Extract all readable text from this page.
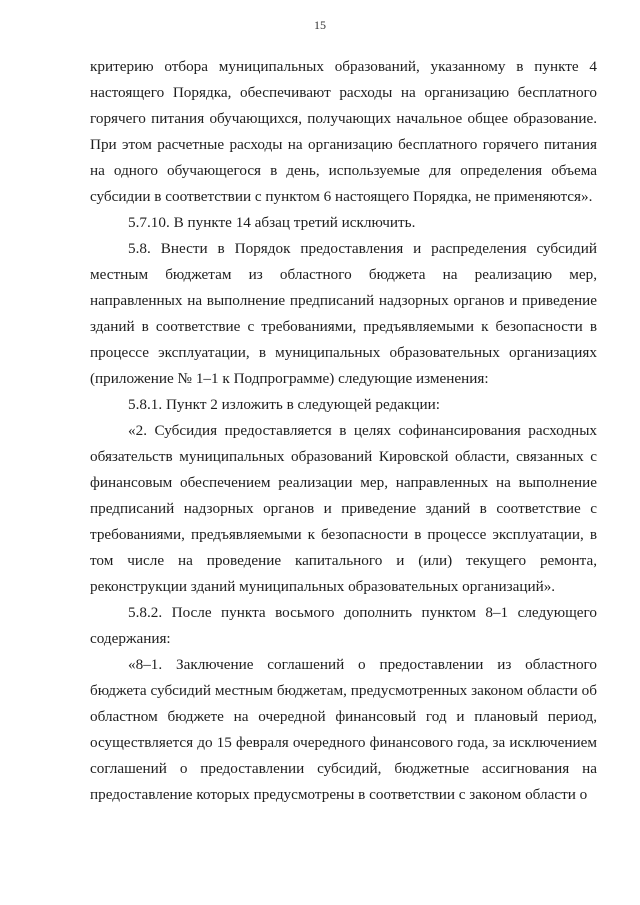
15

критерию отбора муниципальных образований, указанному в пункте 4 настоящего Порядка, обеспечивают расходы на организацию бесплатного горячего питания обучающихся, получающих начальное общее образование. При этом расчетные расходы на организацию бесплатного горячего питания на одного обучающегося в день, используемые для определения объема субсидии в соответствии с пунктом 6 настоящего Порядка, не применяются».

5.7.10. В пункте 14 абзац третий исключить.

5.8. Внести в Порядок предоставления и распределения субсидий местным бюджетам из областного бюджета на реализацию мер, направленных на выполнение предписаний надзорных органов и приведение зданий в соответствие с требованиями, предъявляемыми к безопасности в процессе эксплуатации, в муниципальных образовательных организациях (приложение № 1–1 к Подпрограмме) следующие изменения:

5.8.1. Пункт 2 изложить в следующей редакции:

«2. Субсидия предоставляется в целях софинансирования расходных обязательств муниципальных образований Кировской области, связанных с финансовым обеспечением реализации мер, направленных на выполнение предписаний надзорных органов и приведение зданий в соответствие с требованиями, предъявляемыми к безопасности в процессе эксплуатации, в том числе на проведение капитального и (или) текущего ремонта, реконструкции зданий муниципальных образовательных организаций».

5.8.2. После пункта восьмого дополнить пунктом 8–1 следующего содержания:

«8–1. Заключение соглашений о предоставлении из областного бюджета субсидий местным бюджетам, предусмотренных законом области об областном бюджете на очередной финансовый год и плановый период, осуществляется до 15 февраля очередного финансового года, за исключением соглашений о предоставлении субсидий, бюджетные ассигнования на предоставление которых предусмотрены в соответствии с законом области о
